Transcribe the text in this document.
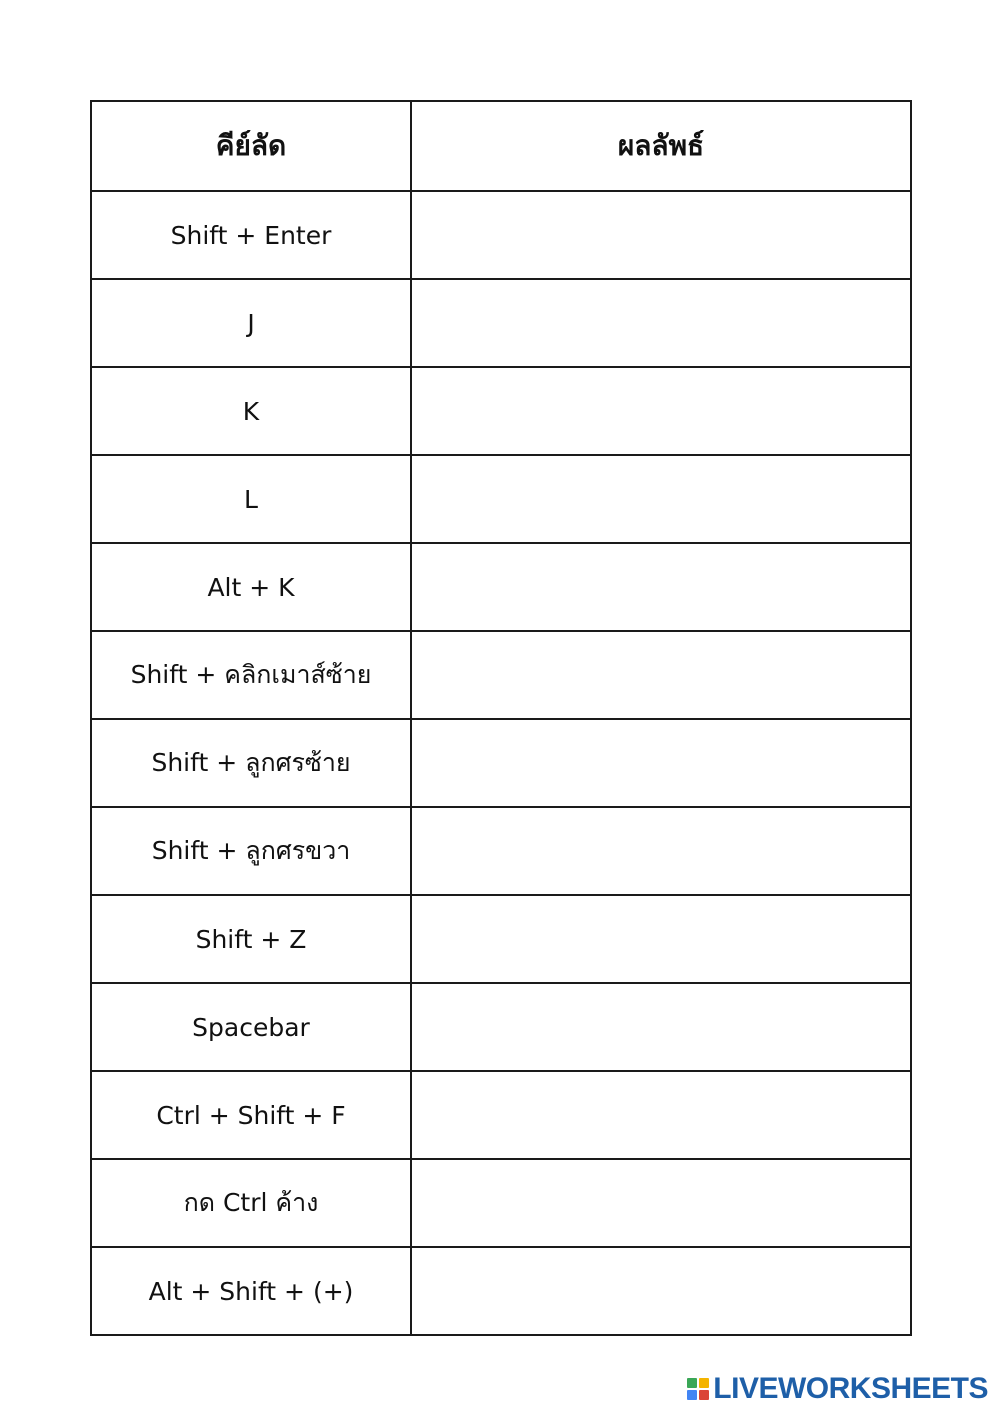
คีย์ลัด	ผลลัพธ์
Shift + Enter	
J	
K	
L	
Alt + K	
Shift + คลิกเมาส์ซ้าย	
Shift + ลูกศรซ้าย	
Shift + ลูกศรขวา	
Shift + Z	
Spacebar	
Ctrl + Shift + F	
กด Ctrl ค้าง	
Alt + Shift + (+)	
LIVEWORKSHEETS
